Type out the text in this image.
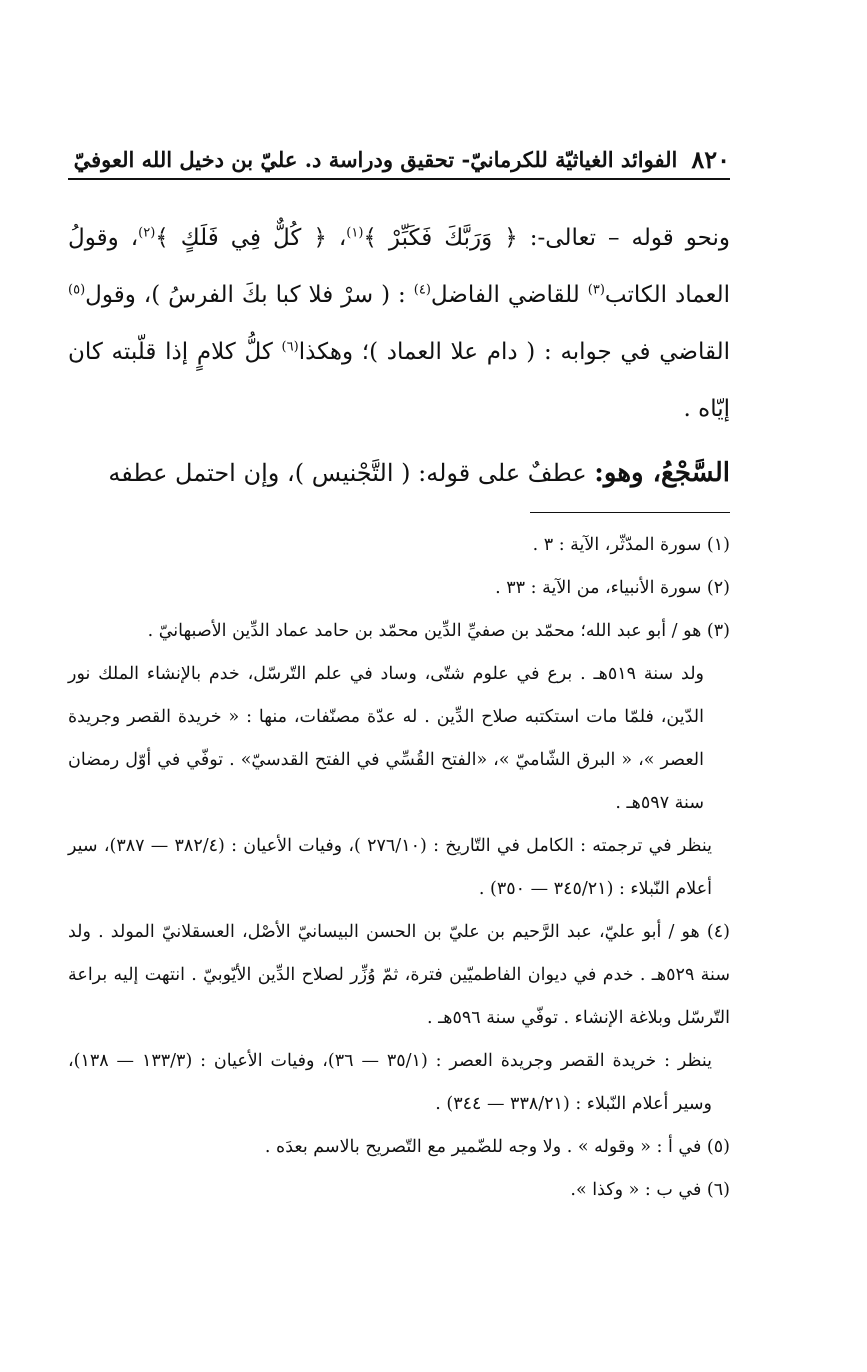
٨٢٠
الفوائد الغياثيّة للكرمانيّ- تحقيق ودراسة د. عليّ بن دخيل الله العوفيّ

ونحو قوله – تعالى-: ﴿ وَرَبَّكَ فَكَبِّرْ ﴾$^{(١)}$، ﴿ كُلٌّ فِي فَلَكٍ ﴾$^{(٢)}$، وقولُ العماد الكاتب$^{(٣)}$ للقاضي الفاضل$^{(٤)}$ : ( سرْ فلا كبا بكَ الفرسُ )، وقول$^{(٥)}$ القاضي في جوابه : ( دام علا العماد )؛ وهكذا$^{(٦)}$ كلُّ كلامٍ إذا قلّبته كان إيّاه .

السَّجْعُ، وهو: عطفٌ على قوله: ( التَّجْنيس )، وإن احتمل عطفه

(١) سورة المدّثّر، الآية : ٣ .

(٢) سورة الأنبياء، من الآية : ٣٣ .

(٣) هو / أبو عبد الله؛ محمّد بن صفيِّ الدِّين محمّد بن حامد عماد الدِّين الأصبهانيّ .
ولد سنة ٥١٩هـ . برع في علوم شتّى، وساد في علم التّرسّل، خدم بالإنشاء الملك نور الدّين، فلمّا مات استكتبه صلاح الدِّين . له عدّة مصنّفات، منها : « خريدة القصر وجريدة العصر »، « البرق الشّاميّ »، «الفتح القُسِّي في الفتح القدسيّ» . توفّي في أوّل رمضان سنة ٥٩٧هـ .
ينظر في ترجمته : الكامل في التّاريخ : (٢٧٦/١٠ )، وفيات الأعيان : (٣٨٢/٤ — ٣٨٧)، سير أعلام النّبلاء : (٣٤٥/٢١ — ٣٥٠) .
(٤) هو / أبو عليّ، عبد الرَّحيم بن عليّ بن الحسن البيسانيّ الأصْل، العسقلانيّ المولد . ولد سنة ٥٢٩هـ . خدم في ديوان الفاطميّين فترة، ثمّ وُزِّر لصلاح الدِّين الأيّوبيّ . انتهت إليه براعة التّرسّل وبلاغة الإنشاء . توفّي سنة ٥٩٦هـ .
ينظر : خريدة القصر وجريدة العصر : (٣٥/١ — ٣٦)، وفيات الأعيان : (١٣٣/٣ — ١٣٨)، وسير أعلام النّبلاء : (٣٣٨/٢١ — ٣٤٤) .

(٥) في أ : « وقوله » . ولا وجه للضّمير مع التّصريح بالاسم بعدَه .

(٦) في ب : « وكذا ».
